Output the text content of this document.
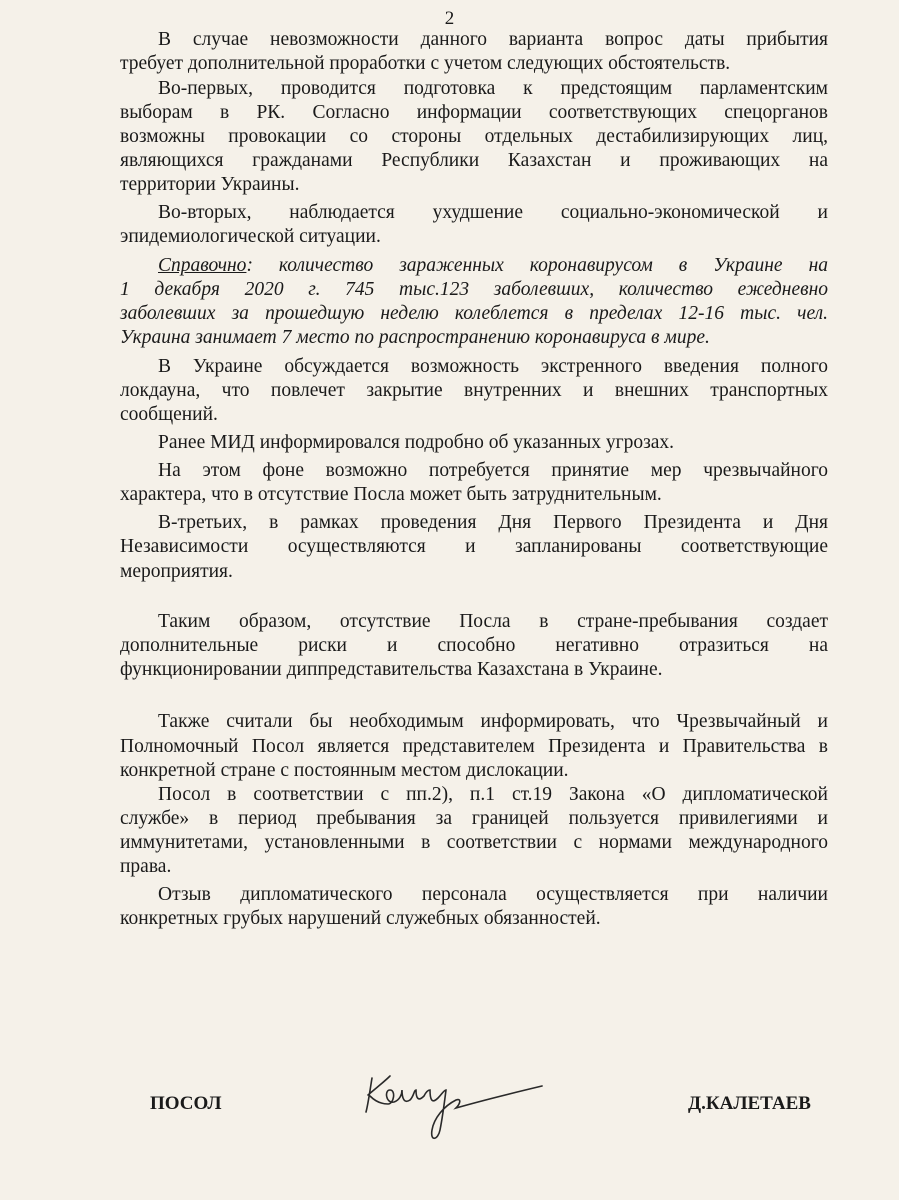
2
В случае невозможности данного варианта вопрос даты прибытия
требует дополнительной проработки с учетом следующих обстоятельств.
Во-первых, проводится подготовка к предстоящим парламентским
выборам в РК. Согласно информации соответствующих спецорганов
возможны провокации со стороны отдельных дестабилизирующих лиц,
являющихся гражданами Республики Казахстан и проживающих на
территории Украины.
Во-вторых, наблюдается ухудшение социально-экономической и
эпидемиологической ситуации.
Справочно: количество зараженных коронавирусом в Украине на
1 декабря 2020 г. 745 тыс.123 заболевших, количество ежедневно
заболевших за прошедшую неделю колеблется в пределах 12-16 тыс. чел.
Украина занимает 7 место по распространению коронавируса в мире.
В Украине обсуждается возможность экстренного введения полного
локдауна, что повлечет закрытие внутренних и внешних транспортных
сообщений.
Ранее МИД информировался подробно об указанных угрозах.
На этом фоне возможно потребуется принятие мер чрезвычайного
характера, что в отсутствие Посла может быть затруднительным.
В-третьих, в рамках проведения Дня Первого Президента и Дня
Независимости осуществляются и запланированы соответствующие
мероприятия.
Таким образом, отсутствие Посла в стране-пребывания создает
дополнительные риски и способно негативно отразиться на
функционировании диппредставительства Казахстана в Украине.
Также считали бы необходимым информировать, что Чрезвычайный и
Полномочный Посол является представителем Президента и Правительства в
конкретной стране с постоянным местом дислокации.
Посол в соответствии с пп.2), п.1 ст.19 Закона «О дипломатической
службе» в период пребывания за границей пользуется привилегиями и
иммунитетами, установленными в соответствии с нормами международного
права.
Отзыв дипломатического персонала осуществляется при наличии
конкретных грубых нарушений служебных обязанностей.
ПОСОЛ	Д.КАЛЕТАЕВ
